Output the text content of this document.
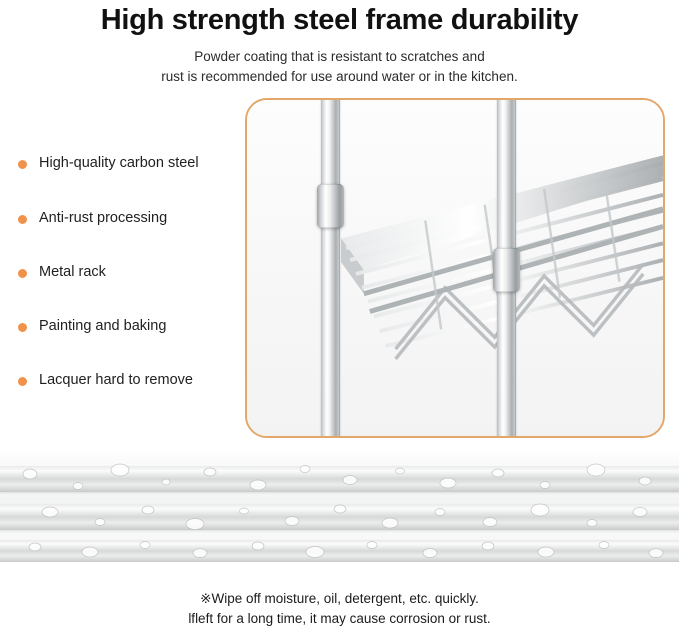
High strength steel frame durability
Powder coating that is resistant to scratches and
rust is recommended for use around water or in the kitchen.
High-quality carbon steel
Anti-rust processing
Metal rack
Painting and baking
Lacquer hard to remove
※Wipe off moisture, oil, detergent, etc. quickly.
lfleft for a long time, it may cause corrosion or rust.
